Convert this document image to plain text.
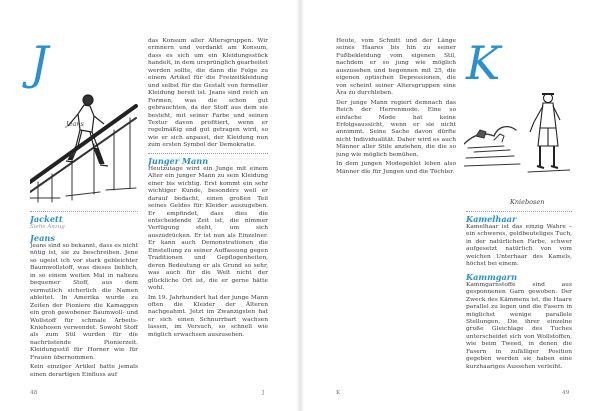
J
Jeans
Jackett
Siehe Anzug
Jeans
Jeans sind so bekannt, dass es nicht nötig ist, sie zu beschreiben. Jene so ugeist ich vor stark gebleichter Baumwollstoff, was dieses lieblich, in so einem weiten Mal in nahezu bequemer Stoff, aus dem vermutlich sicherlich die Namen ableitet. In Amerika wurde zu Zeiten der Pioniere die Kamaggen ein grob gewobener Baumwoll- und Wollstoff für schmale Arbeits-Kniehosen verwendet. Sowohl Stoff als zum Stil wurden für die nachrüstende Pionierzeit. Kleidungsstil für Horner wie für Frauen übernommen.
Kein einziger Artikel hatte jemals einen derartigen Einfluss auf
das Konsum aller Altersgruppen. Wir erinnern und verdankt am Konsum, dass es sich um ein Kleidungsstück handelt, in dem ursprünglich gearbeitet werden sollte, die dann die Folge zu einem Artikel für die Freizeitkleidung und selbst für die Gestalt von formeller Kleidung bereit ist. Jeans sind reich an Formen, was die schon gut gebrauchten, da der Stoff aus dem sie besteht, mit seiner Farbe und seinen Textur davon profitiert, wenn er regelmäßig und gut getragen wird, so wie er sich anpasst, der Kleidung nun zum ersten Symbol der Demokratie.
Junger Mann
Heutzutage wird ein Junge mit einem Alter ein junger Mann zu sein Kleidung einer bis wichtig. Erst kommt ein sehr wichtiger Kunde, besonders weil er darauf bedacht, einen großen Teil seines Geldes für Kleider auszugeben. Er empfindet, dass dies die entscheidende Zeit ist, die nimmer Verfügung steht, um sich auszudrücken. Er ist nun als Einzelner. Er kann auch Demonstrationen die Einstellung zu seiner Auffassung gegen Traditionen und Gepflogenheiten, deren Bedeutung er als Grund so sehr, was auch für die Welt nicht der glückliche Ort ist, die er gerne hätte wohl.
Im 19. Jahrhundert hat der junge Mann often die Kleider der Älteren nachgeahmt. Jetzt im Zwanzigsten hat er sich einen Schnurrbart wachsen lassen, im Versuch, so schnell wie möglich erwachsen auszusehen.
48	J
Heute, vom Schnitt und der Länge seines Haares bis hin zu seiner Fußbekleidung vom eigenen Stil, nachdem er so jung wie möglich auszusehen und begonnen mit 25, die eigenen optischen Depressionen, die von scheint seiner Altersgruppen eine Ära zu durchleben.
Der junge Mann regiert demnach das Reich der Herrenmode. Eine so einfache Mode hat keine Erfolgsaussicht, wenn er sie nicht annimmt. Seine Sache davon dürfte nicht Individualität. Daher wird es auch Männer aller Stile anziehen, die die so jung wie möglich bemühen.
In dem jungen Modegeblet leben also Männer die für Jungen und die Töchter.
K
Kniebosen
Kamelhaar
Kamelhaar ist das einzig Wahre – ein schweres, geldbeuteliges Tuch, in der natürlichen Farbe, schwer aufgesetzt natürlich von vom weichen Unterhaar des Kamels, höchst bei einem.
Kammgarn
Kammgarnstoffe sind aus gesponnenen Garn gewoben. Der Zweck des Kämmens ist, die Haare parallel zu legen und die Fasern in möglichst wenige parallele Stellungen. Die ihrer einzelne große Gleichlage des Tuches unterscheidet sich von Wollstoffen, wie beim Tweed, in denen die Fasern in zufälliger Position gegeben werden sie haben eine kurzhaariges Aussehen verleiht.
K	49
